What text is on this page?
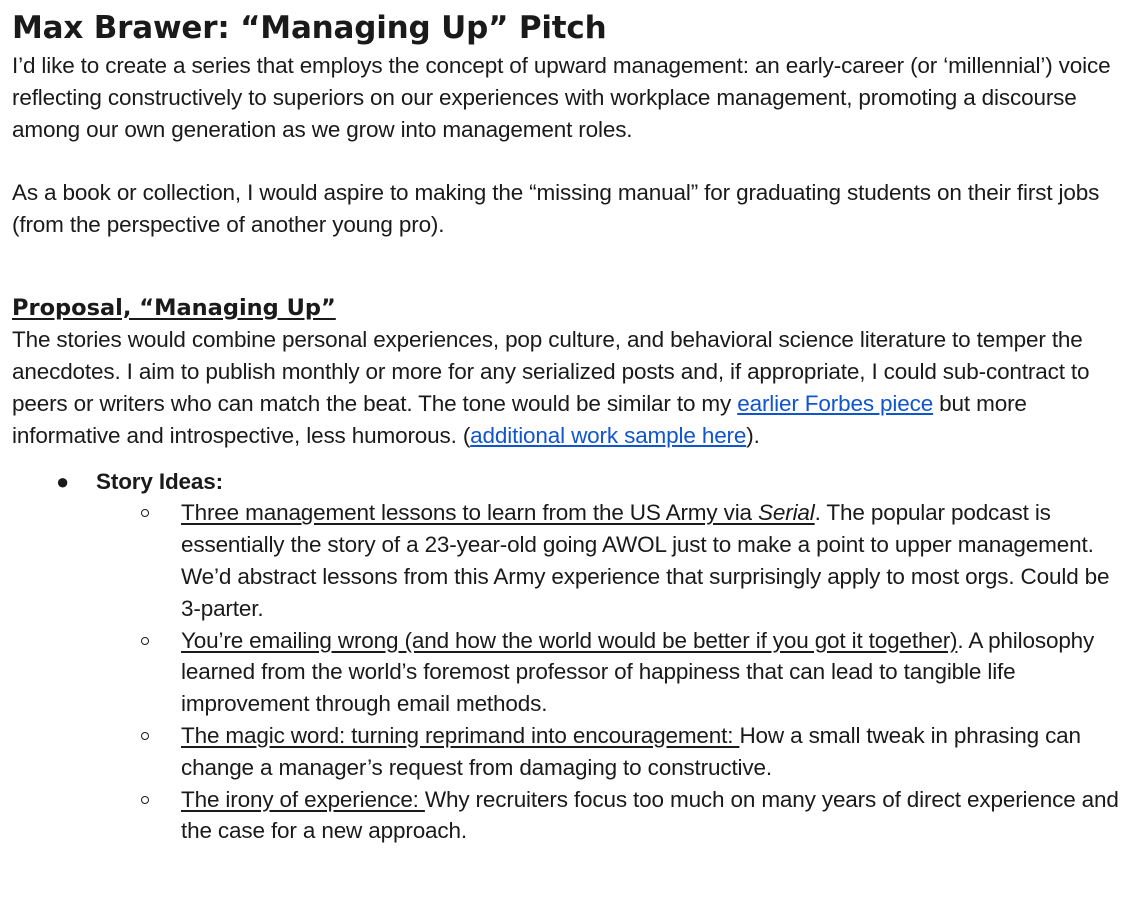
Max Brawer: “Managing Up” Pitch

I’d like to create a series that employs the concept of upward management: an early-career (or ‘millennial’) voice reflecting constructively to superiors on our experiences with workplace management, promoting a discourse among our own generation as we grow into management roles.

As a book or collection, I would aspire to making the “missing manual” for graduating students on their first jobs (from the perspective of another young pro).

Proposal, “Managing Up”

The stories would combine personal experiences, pop culture, and behavioral science literature to temper the anecdotes. I aim to publish monthly or more for any serialized posts and, if appropriate, I could sub-contract to peers or writers who can match the beat. The tone would be similar to my earlier Forbes piece but more informative and introspective, less humorous. (additional work sample here).

● Story Ideas:
Three management lessons to learn from the US Army via Serial. The popular podcast is essentially the story of a 23-year-old going AWOL just to make a point to upper management. We’d abstract lessons from this Army experience that surprisingly apply to most orgs. Could be 3-parter.
You’re emailing wrong (and how the world would be better if you got it together). A philosophy learned from the world’s foremost professor of happiness that can lead to tangible life improvement through email methods.
The magic word: turning reprimand into encouragement: How a small tweak in phrasing can change a manager’s request from damaging to constructive.
The irony of experience: Why recruiters focus too much on many years of direct experience and the case for a new approach.
